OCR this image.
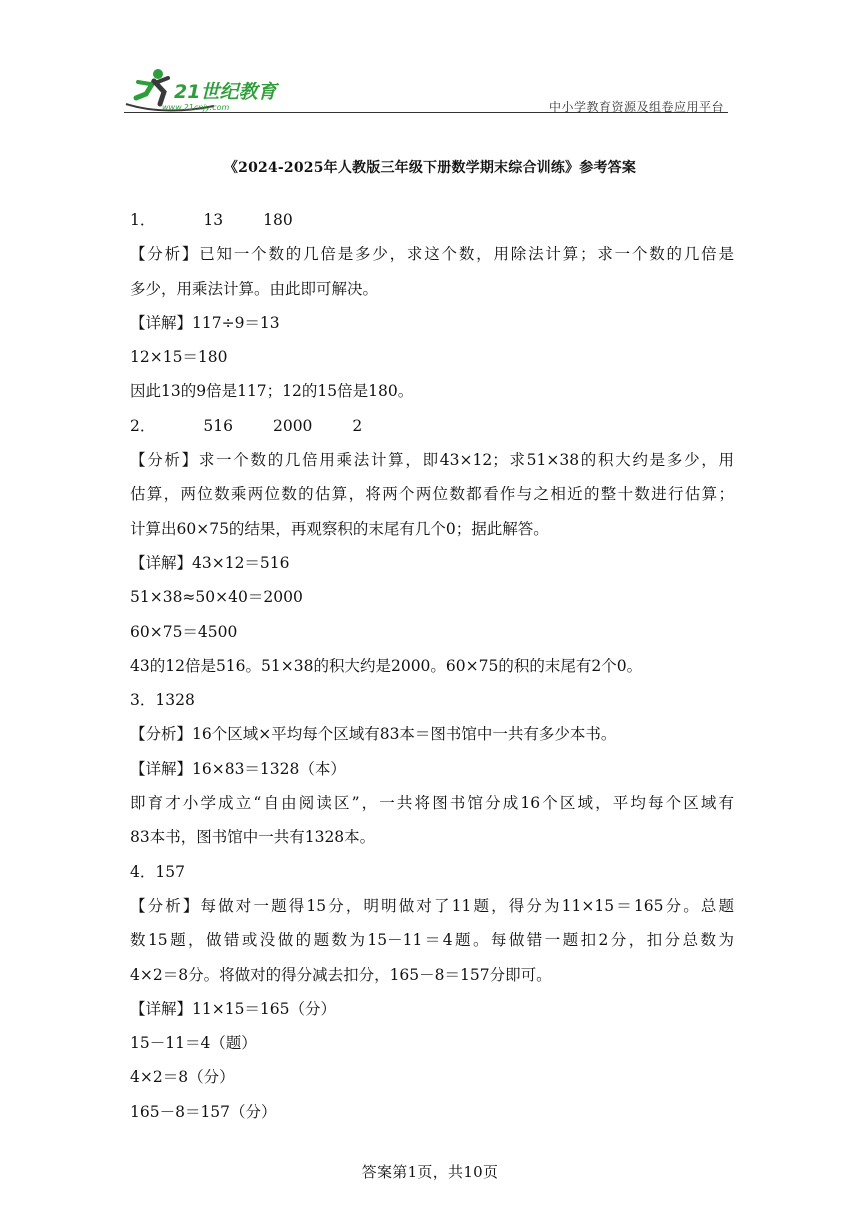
21世纪教育
www.21cnjy.com	中小学教育资源及组卷应用平台
《2024-2025年人教版三年级下册数学期末综合训练》参考答案
1．	13	180
【分析】已知一个数的几倍是多少，求这个数，用除法计算；求一个数的几倍是
多少，用乘法计算。由此即可解决。
【详解】117÷9＝13
12×15＝180
因此13的9倍是117；12的15倍是180。
2．	516	2000	2
【分析】求一个数的几倍用乘法计算，即43×12；求51×38的积大约是多少，用
估算，两位数乘两位数的估算，将两个两位数都看作与之相近的整十数进行估算；
计算出60×75的结果，再观察积的末尾有几个0；据此解答。
【详解】43×12＝516
51×38≈50×40＝2000
60×75＝4500
43的12倍是516。51×38的积大约是2000。60×75的积的末尾有2个0。
3．1328
【分析】16个区域×平均每个区域有83本＝图书馆中一共有多少本书。
【详解】16×83＝1328（本）
即育才小学成立“自由阅读区”，一共将图书馆分成16个区域，平均每个区域有
83本书，图书馆中一共有1328本。
4．157
【分析】每做对一题得15分，明明做对了11题，得分为11×15＝165分。总题
数15题，做错或没做的题数为15－11＝4题。每做错一题扣2分，扣分总数为
4×2＝8分。将做对的得分减去扣分，165－8＝157分即可。
【详解】11×15＝165（分）
15－11＝4（题）
4×2＝8（分）
165－8＝157（分）
答案第1页，共10页
